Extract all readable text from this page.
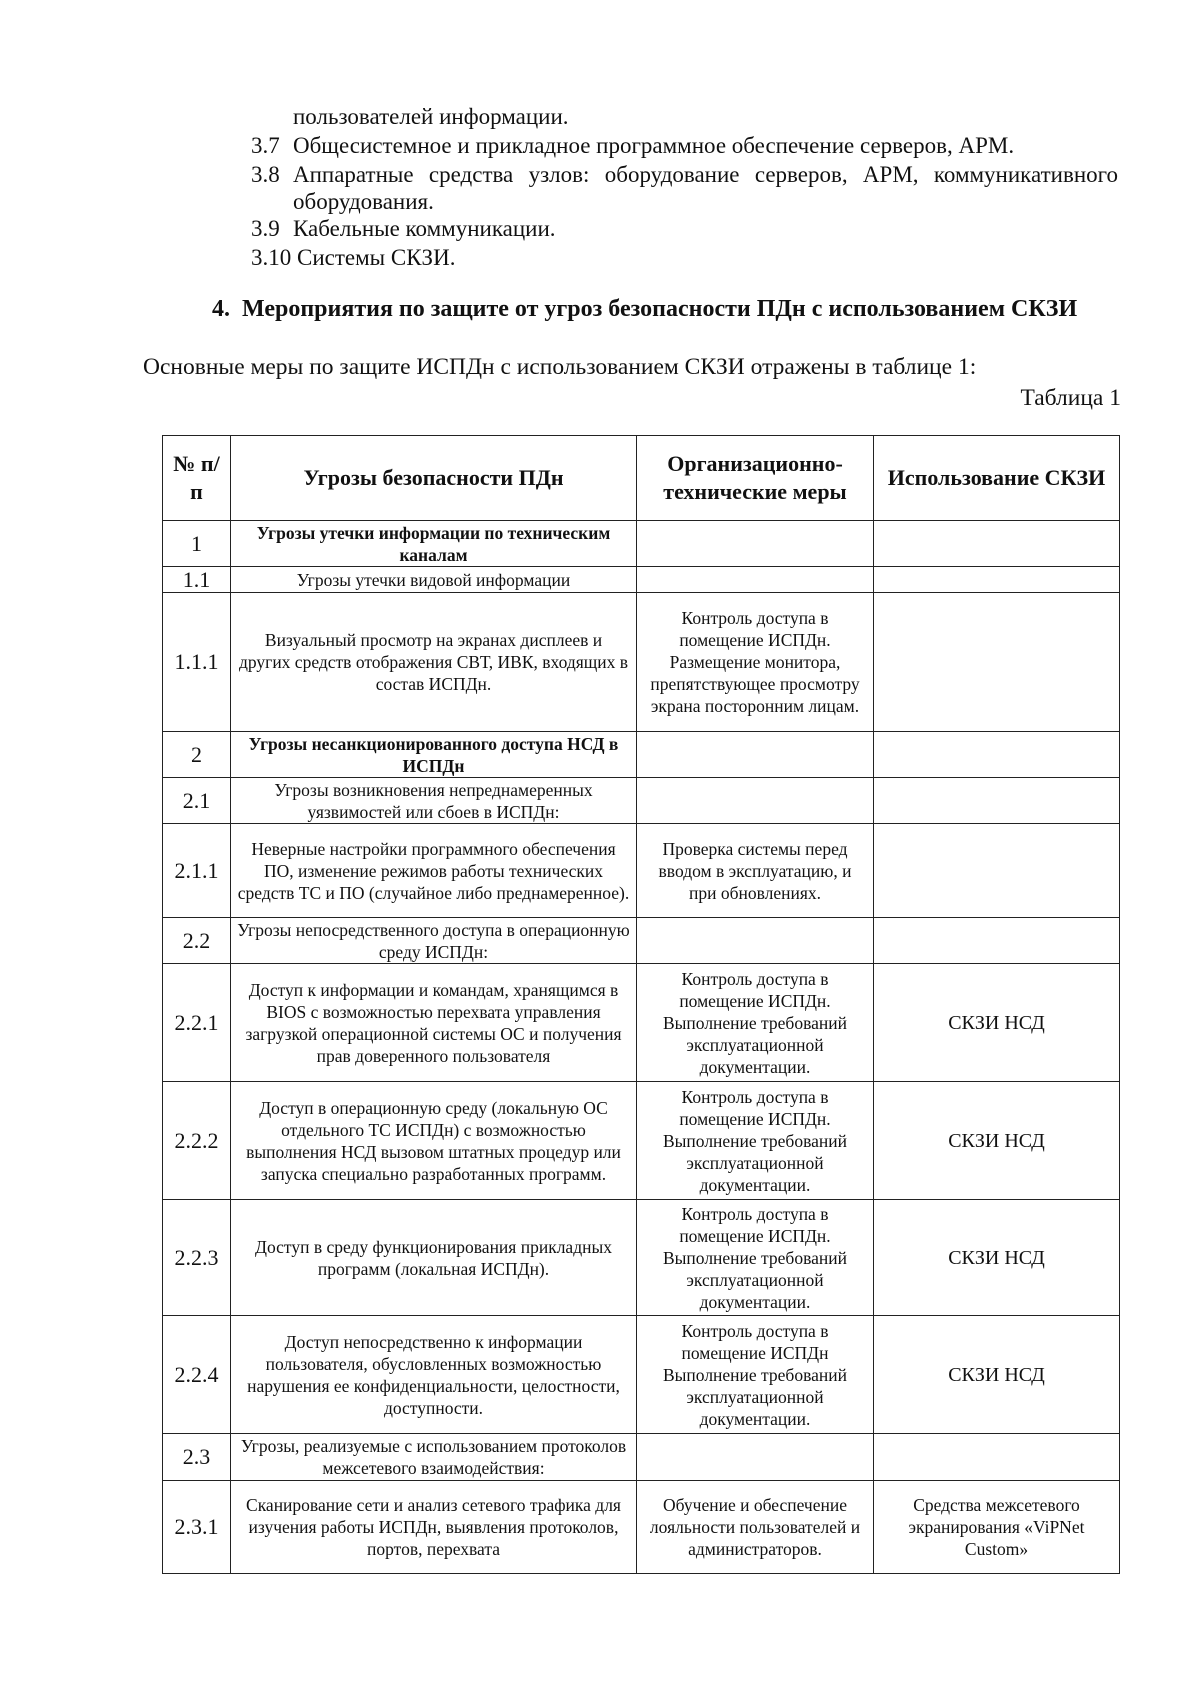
пользователей информации.
3.7 Общесистемное и прикладное программное обеспечение серверов, АРМ.
3.8 Аппаратные средства узлов: оборудование серверов, АРМ, коммуникативного
оборудования.
3.9 Кабельные коммуникации.
3.10 Системы СКЗИ.
4. Мероприятия по защите от угроз безопасности ПДн с использованием СКЗИ
Основные меры по защите ИСПДн с использованием СКЗИ отражены в таблице 1:
Таблица 1
№ п/п	Угрозы безопасности ПДн	Организационно-технические меры	Использование СКЗИ
1	Угрозы утечки информации по техническим каналам		
1.1	Угрозы утечки видовой информации		
1.1.1	Визуальный просмотр на экранах дисплеев и других средств отображения СВТ, ИВК, входящих в состав ИСПДн.	Контроль доступа в помещение ИСПДн. Размещение монитора, препятствующее просмотру экрана посторонним лицам.	
2	Угрозы несанкционированного доступа НСД в ИСПДн		
2.1	Угрозы возникновения непреднамеренных уязвимостей или сбоев в ИСПДн:		
2.1.1	Неверные настройки программного обеспечения ПО, изменение режимов работы технических средств ТС и ПО (случайное либо преднамеренное).	Проверка системы перед вводом в эксплуатацию, и при обновлениях.	
2.2	Угрозы непосредственного доступа в операционную среду ИСПДн:		
2.2.1	Доступ к информации и командам, хранящимся в BIOS с возможностью перехвата управления загрузкой операционной системы ОС и получения прав доверенного пользователя	Контроль доступа в помещение ИСПДн. Выполнение требований эксплуатационной документации.	СКЗИ НСД
2.2.2	Доступ в операционную среду (локальную ОС отдельного ТС ИСПДн) с возможностью выполнения НСД вызовом штатных процедур или запуска специально разработанных программ.	Контроль доступа в помещение ИСПДн. Выполнение требований эксплуатационной документации.	СКЗИ НСД
2.2.3	Доступ в среду функционирования прикладных программ (локальная ИСПДн).	Контроль доступа в помещение ИСПДн. Выполнение требований эксплуатационной документации.	СКЗИ НСД
2.2.4	Доступ непосредственно к информации пользователя, обусловленных возможностью нарушения ее конфиденциальности, целостности, доступности.	Контроль доступа в помещение ИСПДн Выполнение требований эксплуатационной документации.	СКЗИ НСД
2.3	Угрозы, реализуемые с использованием протоколов межсетевого взаимодействия:		
2.3.1	Сканирование сети и анализ сетевого трафика для изучения работы ИСПДн, выявления протоколов, портов, перехвата	Обучение и обеспечение лояльности пользователей и администраторов.	Средства межсетевого экранирования «ViPNet Custom»
